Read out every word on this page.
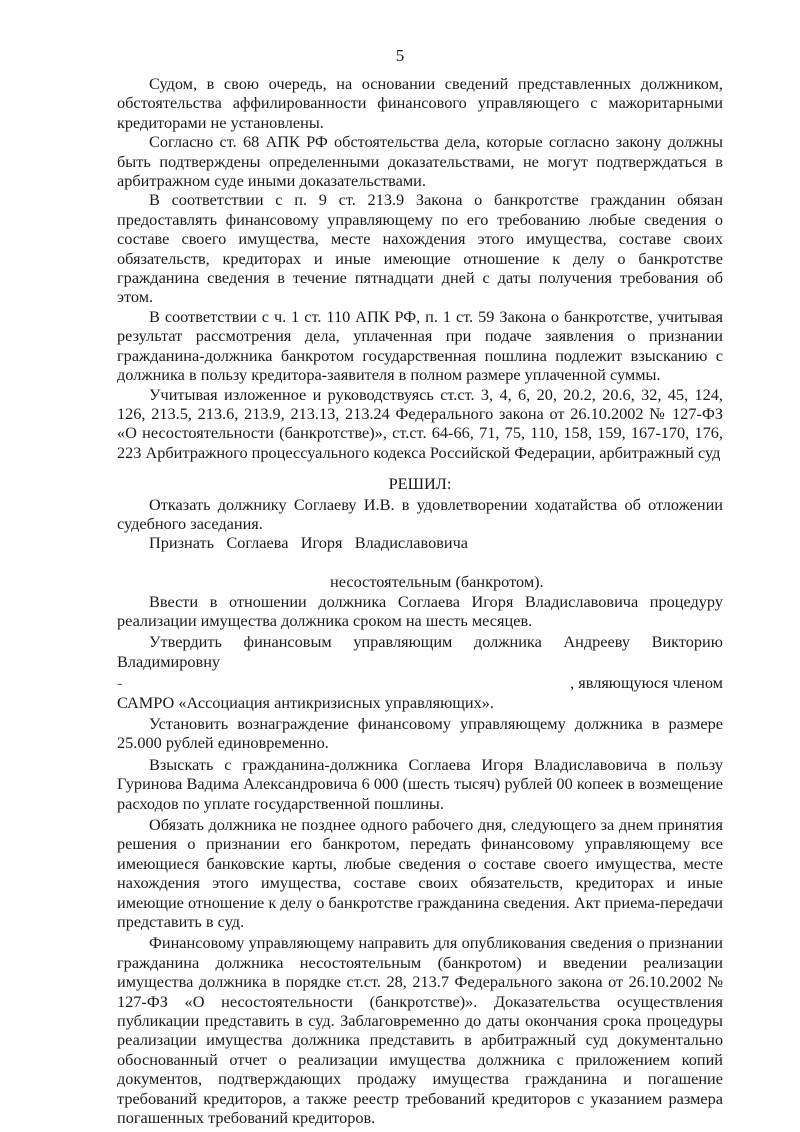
5

Судом, в свою очередь, на основании сведений представленных должником, обстоятельства аффилированности финансового управляющего с мажоритарными кредиторами не установлены.

Согласно ст. 68 АПК РФ обстоятельства дела, которые согласно закону должны быть подтверждены определенными доказательствами, не могут подтверждаться в арбитражном суде иными доказательствами.

В соответствии с п. 9 ст. 213.9 Закона о банкротстве гражданин обязан предоставлять финансовому управляющему по его требованию любые сведения о составе своего имущества, месте нахождения этого имущества, составе своих обязательств, кредиторах и иные имеющие отношение к делу о банкротстве гражданина сведения в течение пятнадцати дней с даты получения требования об этом.

В соответствии с ч. 1 ст. 110 АПК РФ, п. 1 ст. 59 Закона о банкротстве, учитывая результат рассмотрения дела, уплаченная при подаче заявления о признании гражданина-должника банкротом государственная пошлина подлежит взысканию с должника в пользу кредитора-заявителя в полном размере уплаченной суммы.

Учитывая изложенное и руководствуясь ст.ст. 3, 4, 6, 20, 20.2, 20.6, 32, 45, 124, 126, 213.5, 213.6, 213.9, 213.13, 213.24 Федерального закона от 26.10.2002 № 127-ФЗ «О несостоятельности (банкротстве)», ст.ст. 64-66, 71, 75, 110, 158, 159, 167-170, 176, 223 Арбитражного процессуального кодекса Российской Федерации, арбитражный суд

РЕШИЛ:

Отказать должнику Соглаеву И.В. в удовлетворении ходатайства об отложении судебного заседания.

Признать Соглаева Игоря Владиславовича
несостоятельным (банкротом).

Ввести в отношении должника Соглаева Игоря Владиславовича процедуру реализации имущества должника сроком на шесть месяцев.

Утвердить финансовым управляющим должника Андрееву Викторию
Владимировну
-	, являющуюся членом
САМРО «Ассоциация антикризисных управляющих».

Установить вознаграждение финансовому управляющему должника в размере 25.000 рублей единовременно.

Взыскать с гражданина-должника Соглаева Игоря Владиславовича в пользу Гуринова Вадима Александровича 6 000 (шесть тысяч) рублей 00 копеек в возмещение расходов по уплате государственной пошлины.

Обязать должника не позднее одного рабочего дня, следующего за днем принятия решения о признании его банкротом, передать финансовому управляющему все имеющиеся банковские карты, любые сведения о составе своего имущества, месте нахождения этого имущества, составе своих обязательств, кредиторах и иные имеющие отношение к делу о банкротстве гражданина сведения. Акт приема-передачи представить в суд.

Финансовому управляющему направить для опубликования сведения о признании гражданина должника несостоятельным (банкротом) и введении реализации имущества должника в порядке ст.ст. 28, 213.7 Федерального закона от 26.10.2002 № 127-ФЗ «О несостоятельности (банкротстве)». Доказательства осуществления публикации представить в суд. Заблаговременно до даты окончания срока процедуры реализации имущества должника представить в арбитражный суд документально обоснованный отчет о реализации имущества должника с приложением копий документов, подтверждающих продажу имущества гражданина и погашение требований кредиторов, а также реестр требований кредиторов с указанием размера погашенных требований кредиторов.
